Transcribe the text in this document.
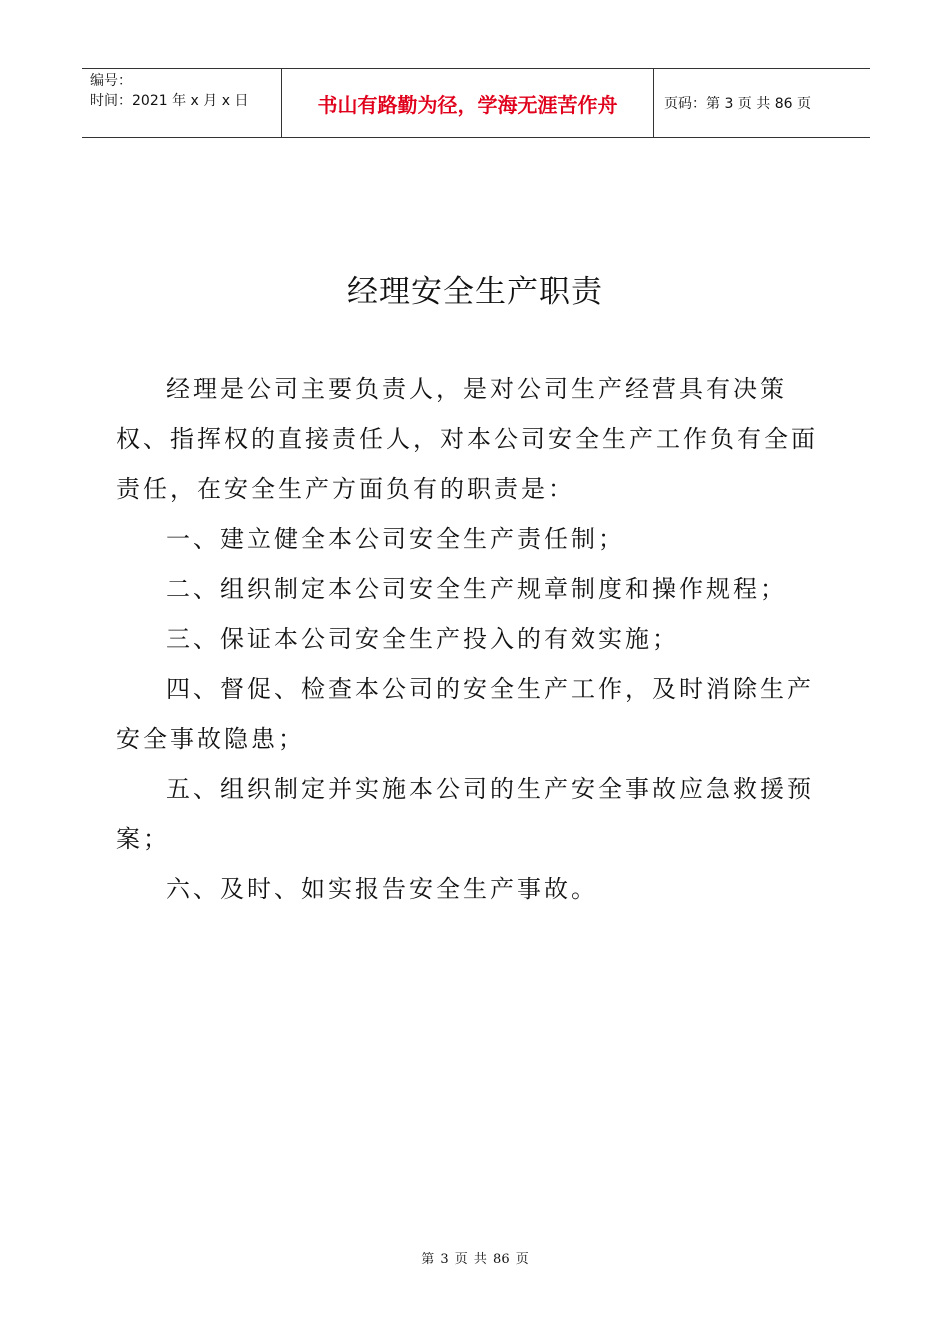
编号：
时间：2021 年 x 月 x 日	书山有路勤为径，学海无涯苦作舟	页码：第 3 页 共 86 页
经理安全生产职责

经理是公司主要负责人，是对公司生产经营具有决策权、指挥权的直接责任人，对本公司安全生产工作负有全面责任，在安全生产方面负有的职责是：

一、建立健全本公司安全生产责任制；

二、组织制定本公司安全生产规章制度和操作规程；

三、保证本公司安全生产投入的有效实施；

四、督促、检查本公司的安全生产工作，及时消除生产安全事故隐患；

五、组织制定并实施本公司的生产安全事故应急救援预案；

六、及时、如实报告安全生产事故。

第 3 页 共 86 页
